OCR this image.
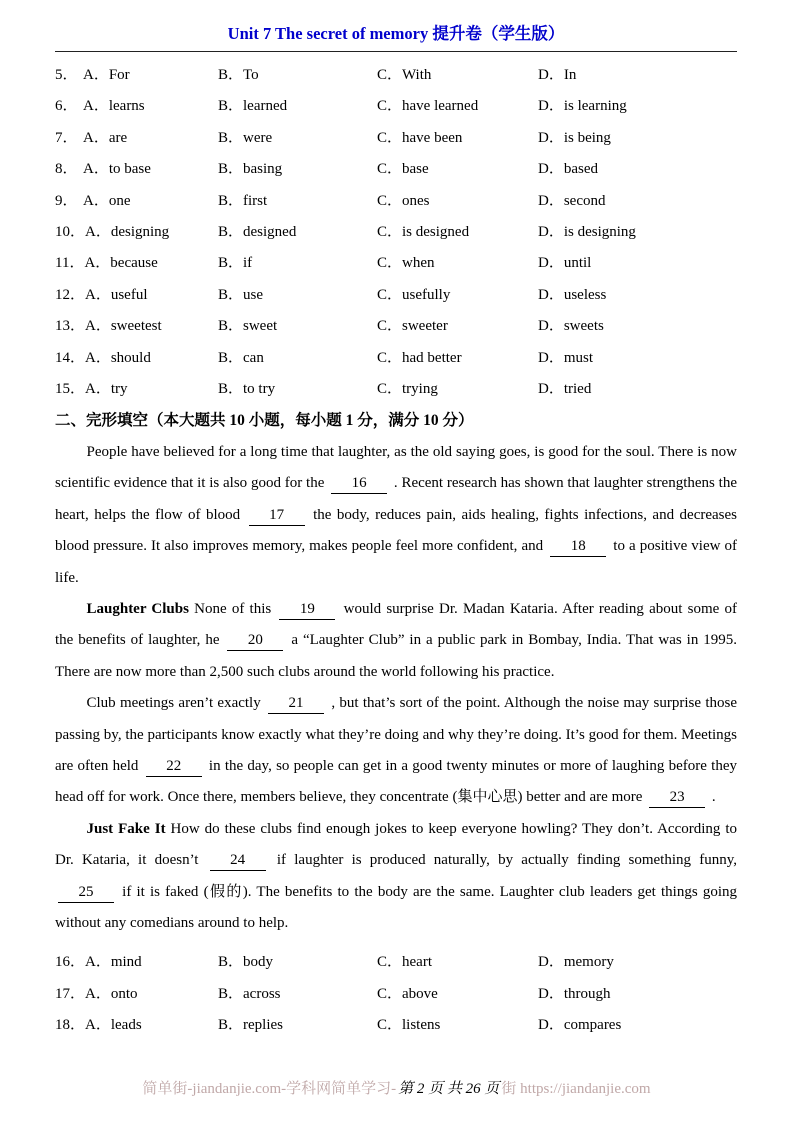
Unit 7 The secret of memory 提升卷（学生版）
5． A．For	B．To	C．With	D．In
6． A．learns	B．learned	C．have learned	D．is learning
7． A．are	B．were	C．have been	D．is being
8． A．to base	B．basing	C．base	D．based
9． A．one	B．first	C．ones	D．second
10．A．designing	B．designed	C．is designed	D．is designing
11．A．because	B．if	C．when	D．until
12．A．useful	B．use	C．usefully	D．useless
13．A．sweetest	B．sweet	C．sweeter	D．sweets
14．A．should	B．can	C．had better	D．must
15．A．try	B．to try	C．trying	D．tried
二、完形填空（本大题共 10 小题，每小题 1 分，满分 10 分）

People have believed for a long time that laughter, as the old saying goes, is good for the soul. There is now scientific evidence that it is also good for the 16 . Recent research has shown that laughter strengthens the heart, helps the flow of blood 17 the body, reduces pain, aids healing, fights infections, and decreases blood pressure. It also improves memory, makes people feel more confident, and 18 to a positive view of life.

Laughter Clubs None of this 19 would surprise Dr. Madan Kataria. After reading about some of the benefits of laughter, he 20 a “Laughter Club” in a public park in Bombay, India. That was in 1995. There are now more than 2,500 such clubs around the world following his practice.

Club meetings aren’t exactly 21 , but that’s sort of the point. Although the noise may surprise those passing by, the participants know exactly what they’re doing and why they’re doing. It’s good for them. Meetings are often held 22 in the day, so people can get in a good twenty minutes or more of laughing before they head off for work. Once there, members believe, they concentrate (集中心思) better and are more 23 .

Just Fake It How do these clubs find enough jokes to keep everyone howling? They don’t. According to Dr. Kataria, it doesn’t 24 if laughter is produced naturally, by actually finding something funny, 25 if it is faked (假的). The benefits to the body are the same. Laughter club leaders get things going without any comedians around to help.

16．A．mind	B．body	C．heart	D．memory
17．A．onto	B．across	C．above	D．through
18．A．leads	B．replies	C．listens	D．compares
简单街-jiandanjie.com-学科网简单学习- 第 2 页 共 26 页 街 https://jiandanjie.com
